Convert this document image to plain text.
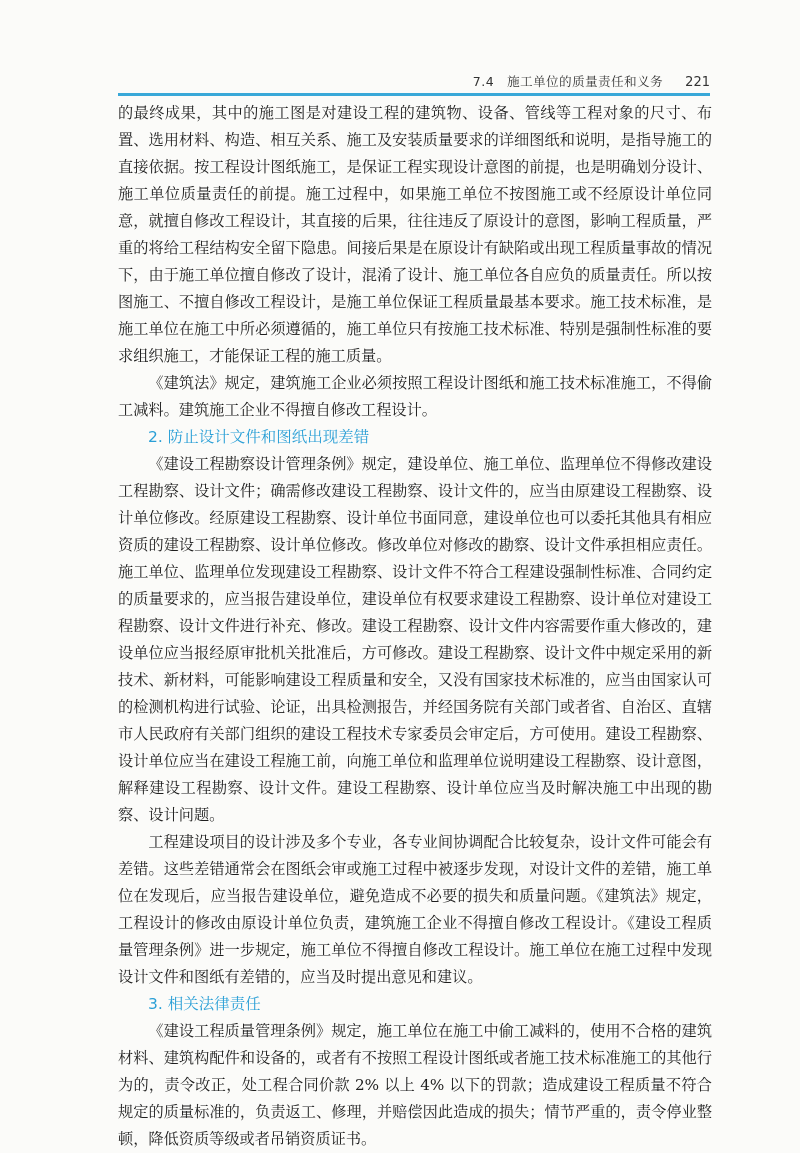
7.4　施工单位的质量责任和义务 221

的最终成果，其中的施工图是对建设工程的建筑物、设备、管线等工程对象的尺寸、布置、选用材料、构造、相互关系、施工及安装质量要求的详细图纸和说明，是指导施工的直接依据。按工程设计图纸施工，是保证工程实现设计意图的前提，也是明确划分设计、施工单位质量责任的前提。施工过程中，如果施工单位不按图施工或不经原设计单位同意，就擅自修改工程设计，其直接的后果，往往违反了原设计的意图，影响工程质量，严重的将给工程结构安全留下隐患。间接后果是在原设计有缺陷或出现工程质量事故的情况下，由于施工单位擅自修改了设计，混淆了设计、施工单位各自应负的质量责任。所以按图施工、不擅自修改工程设计，是施工单位保证工程质量最基本要求。施工技术标准，是施工单位在施工中所必须遵循的，施工单位只有按施工技术标准、特别是强制性标准的要求组织施工，才能保证工程的施工质量。

《建筑法》规定，建筑施工企业必须按照工程设计图纸和施工技术标准施工，不得偷工减料。建筑施工企业不得擅自修改工程设计。

2. 防止设计文件和图纸出现差错

《建设工程勘察设计管理条例》规定，建设单位、施工单位、监理单位不得修改建设工程勘察、设计文件；确需修改建设工程勘察、设计文件的，应当由原建设工程勘察、设计单位修改。经原建设工程勘察、设计单位书面同意，建设单位也可以委托其他具有相应资质的建设工程勘察、设计单位修改。修改单位对修改的勘察、设计文件承担相应责任。施工单位、监理单位发现建设工程勘察、设计文件不符合工程建设强制性标准、合同约定的质量要求的，应当报告建设单位，建设单位有权要求建设工程勘察、设计单位对建设工程勘察、设计文件进行补充、修改。建设工程勘察、设计文件内容需要作重大修改的，建设单位应当报经原审批机关批准后，方可修改。建设工程勘察、设计文件中规定采用的新技术、新材料，可能影响建设工程质量和安全，又没有国家技术标准的，应当由国家认可的检测机构进行试验、论证，出具检测报告，并经国务院有关部门或者省、自治区、直辖市人民政府有关部门组织的建设工程技术专家委员会审定后，方可使用。建设工程勘察、设计单位应当在建设工程施工前，向施工单位和监理单位说明建设工程勘察、设计意图，解释建设工程勘察、设计文件。建设工程勘察、设计单位应当及时解决施工中出现的勘察、设计问题。

工程建设项目的设计涉及多个专业，各专业间协调配合比较复杂，设计文件可能会有差错。这些差错通常会在图纸会审或施工过程中被逐步发现，对设计文件的差错，施工单位在发现后，应当报告建设单位，避免造成不必要的损失和质量问题。《建筑法》规定，工程设计的修改由原设计单位负责，建筑施工企业不得擅自修改工程设计。《建设工程质量管理条例》进一步规定，施工单位不得擅自修改工程设计。施工单位在施工过程中发现设计文件和图纸有差错的，应当及时提出意见和建议。

3. 相关法律责任

《建设工程质量管理条例》规定，施工单位在施工中偷工减料的，使用不合格的建筑材料、建筑构配件和设备的，或者有不按照工程设计图纸或者施工技术标准施工的其他行为的，责令改正，处工程合同价款 2% 以上 4% 以下的罚款；造成建设工程质量不符合规定的质量标准的，负责返工、修理，并赔偿因此造成的损失；情节严重的，责令停业整顿，降低资质等级或者吊销资质证书。
